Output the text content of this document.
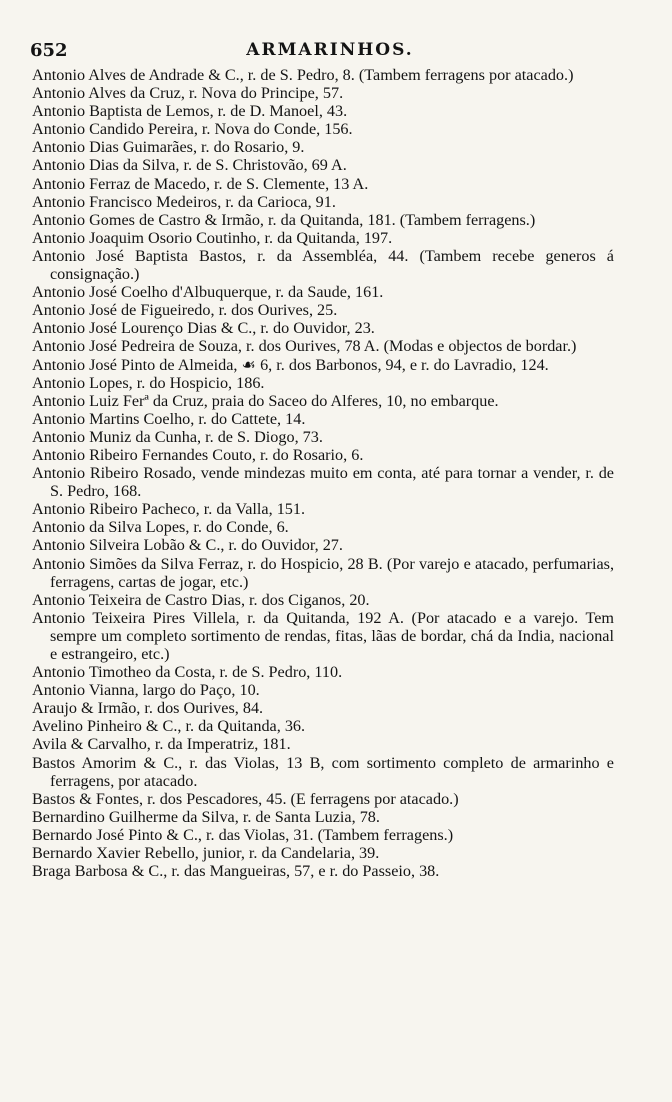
652	ARMARINHOS.

Antonio Alves de Andrade & C., r. de S. Pedro, 8. (Tambem ferragens por atacado.)

Antonio Alves da Cruz, r. Nova do Principe, 57.

Antonio Baptista de Lemos, r. de D. Manoel, 43.

Antonio Candido Pereira, r. Nova do Conde, 156.

Antonio Dias Guimarães, r. do Rosario, 9.

Antonio Dias da Silva, r. de S. Christovão, 69 A.

Antonio Ferraz de Macedo, r. de S. Clemente, 13 A.

Antonio Francisco Medeiros, r. da Carioca, 91.

Antonio Gomes de Castro & Irmão, r. da Quitanda, 181. (Tambem ferragens.)

Antonio Joaquim Osorio Coutinho, r. da Quitanda, 197.

Antonio José Baptista Bastos, r. da Assembléa, 44. (Tambem recebe generos á consignação.)

Antonio José Coelho d'Albuquerque, r. da Saude, 161.

Antonio José de Figueiredo, r. dos Ourives, 25.

Antonio José Lourenço Dias & C., r. do Ouvidor, 23.

Antonio José Pedreira de Souza, r. dos Ourives, 78 A. (Modas e objectos de bordar.)

Antonio José Pinto de Almeida, ☙ 6, r. dos Barbonos, 94, e r. do Lavradio, 124.

Antonio Lopes, r. do Hospicio, 186.

Antonio Luiz Ferª da Cruz, praia do Saceo do Alferes, 10, no embarque.

Antonio Martins Coelho, r. do Cattete, 14.

Antonio Muniz da Cunha, r. de S. Diogo, 73.

Antonio Ribeiro Fernandes Couto, r. do Rosario, 6.

Antonio Ribeiro Rosado, vende mindezas muito em conta, até para tornar a vender, r. de S. Pedro, 168.

Antonio Ribeiro Pacheco, r. da Valla, 151.

Antonio da Silva Lopes, r. do Conde, 6.

Antonio Silveira Lobão & C., r. do Ouvidor, 27.

Antonio Simões da Silva Ferraz, r. do Hospicio, 28 B. (Por varejo e atacado, perfumarias, ferragens, cartas de jogar, etc.)

Antonio Teixeira de Castro Dias, r. dos Ciganos, 20.

Antonio Teixeira Pires Villela, r. da Quitanda, 192 A. (Por atacado e a varejo. Tem sempre um completo sortimento de rendas, fitas, lãas de bordar, chá da India, nacional e estrangeiro, etc.)

Antonio Timotheo da Costa, r. de S. Pedro, 110.

Antonio Vianna, largo do Paço, 10.

Araujo & Irmão, r. dos Ourives, 84.

Avelino Pinheiro & C., r. da Quitanda, 36.

Avila & Carvalho, r. da Imperatriz, 181.

Bastos Amorim & C., r. das Violas, 13 B, com sortimento completo de armarinho e ferragens, por atacado.

Bastos & Fontes, r. dos Pescadores, 45. (E ferragens por atacado.)

Bernardino Guilherme da Silva, r. de Santa Luzia, 78.

Bernardo José Pinto & C., r. das Violas, 31. (Tambem ferragens.)

Bernardo Xavier Rebello, junior, r. da Candelaria, 39.

Braga Barbosa & C., r. das Mangueiras, 57, e r. do Passeio, 38.
